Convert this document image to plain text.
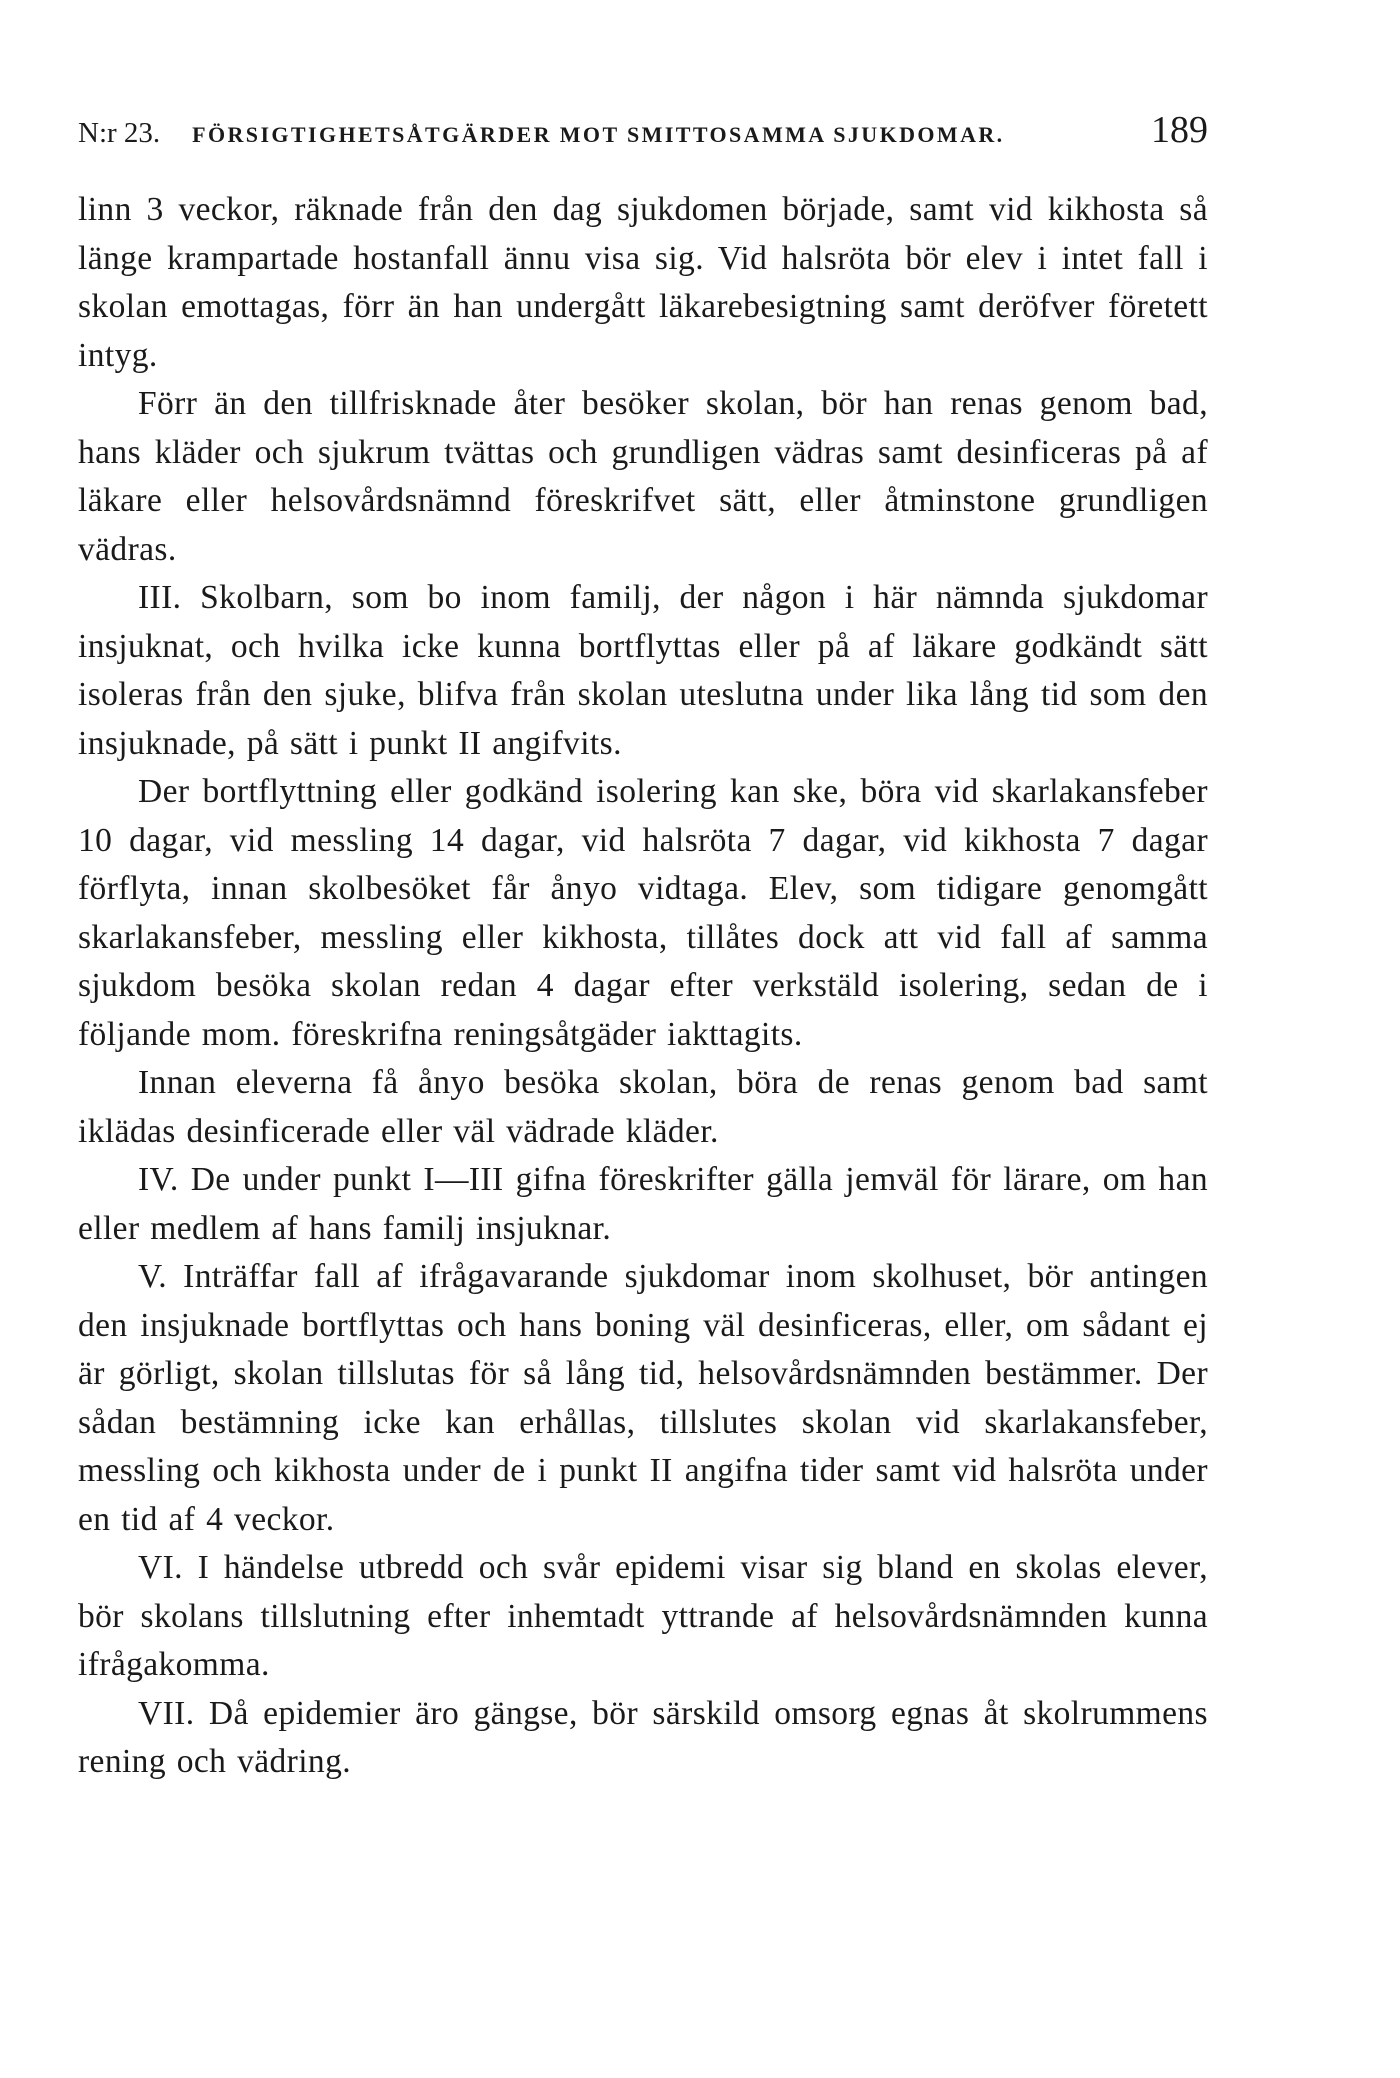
N:r 23. FÖRSIGTIGHETSÅTGÄRDER MOT SMITTOSAMMA SJUKDOMAR.	189

linn 3 veckor, räknade från den dag sjukdomen började, samt vid kikhosta så länge krampartade hostanfall ännu visa sig. Vid halsröta bör elev i intet fall i skolan emottagas, förr än han undergått läkarebesigtning samt deröfver företett intyg.

Förr än den tillfrisknade åter besöker skolan, bör han renas genom bad, hans kläder och sjukrum tvättas och grundligen vädras samt desinficeras på af läkare eller helsovårdsnämnd föreskrifvet sätt, eller åtminstone grundligen vädras.

III. Skolbarn, som bo inom familj, der någon i här nämnda sjukdomar insjuknat, och hvilka icke kunna bortflyttas eller på af läkare godkändt sätt isoleras från den sjuke, blifva från skolan uteslutna under lika lång tid som den insjuknade, på sätt i punkt II angifvits.

Der bortflyttning eller godkänd isolering kan ske, böra vid skarlakansfeber 10 dagar, vid messling 14 dagar, vid halsröta 7 dagar, vid kikhosta 7 dagar förflyta, innan skolbesöket får ånyo vidtaga. Elev, som tidigare genomgått skarlakansfeber, messling eller kikhosta, tillåtes dock att vid fall af samma sjukdom besöka skolan redan 4 dagar efter verkstäld isolering, sedan de i följande mom. föreskrifna reningsåtgäder iakttagits.

Innan eleverna få ånyo besöka skolan, böra de renas genom bad samt iklädas desinficerade eller väl vädrade kläder.

IV. De under punkt I—III gifna föreskrifter gälla jemväl för lärare, om han eller medlem af hans familj insjuknar.

V. Inträffar fall af ifrågavarande sjukdomar inom skolhuset, bör antingen den insjuknade bortflyttas och hans boning väl desinficeras, eller, om sådant ej är görligt, skolan tillslutas för så lång tid, helsovårdsnämnden bestämmer. Der sådan bestämning icke kan erhållas, tillslutes skolan vid skarlakansfeber, messling och kikhosta under de i punkt II angifna tider samt vid halsröta under en tid af 4 veckor.

VI. I händelse utbredd och svår epidemi visar sig bland en skolas elever, bör skolans tillslutning efter inhemtadt yttrande af helsovårdsnämnden kunna ifrågakomma.

VII. Då epidemier äro gängse, bör särskild omsorg egnas åt skolrummens rening och vädring.
